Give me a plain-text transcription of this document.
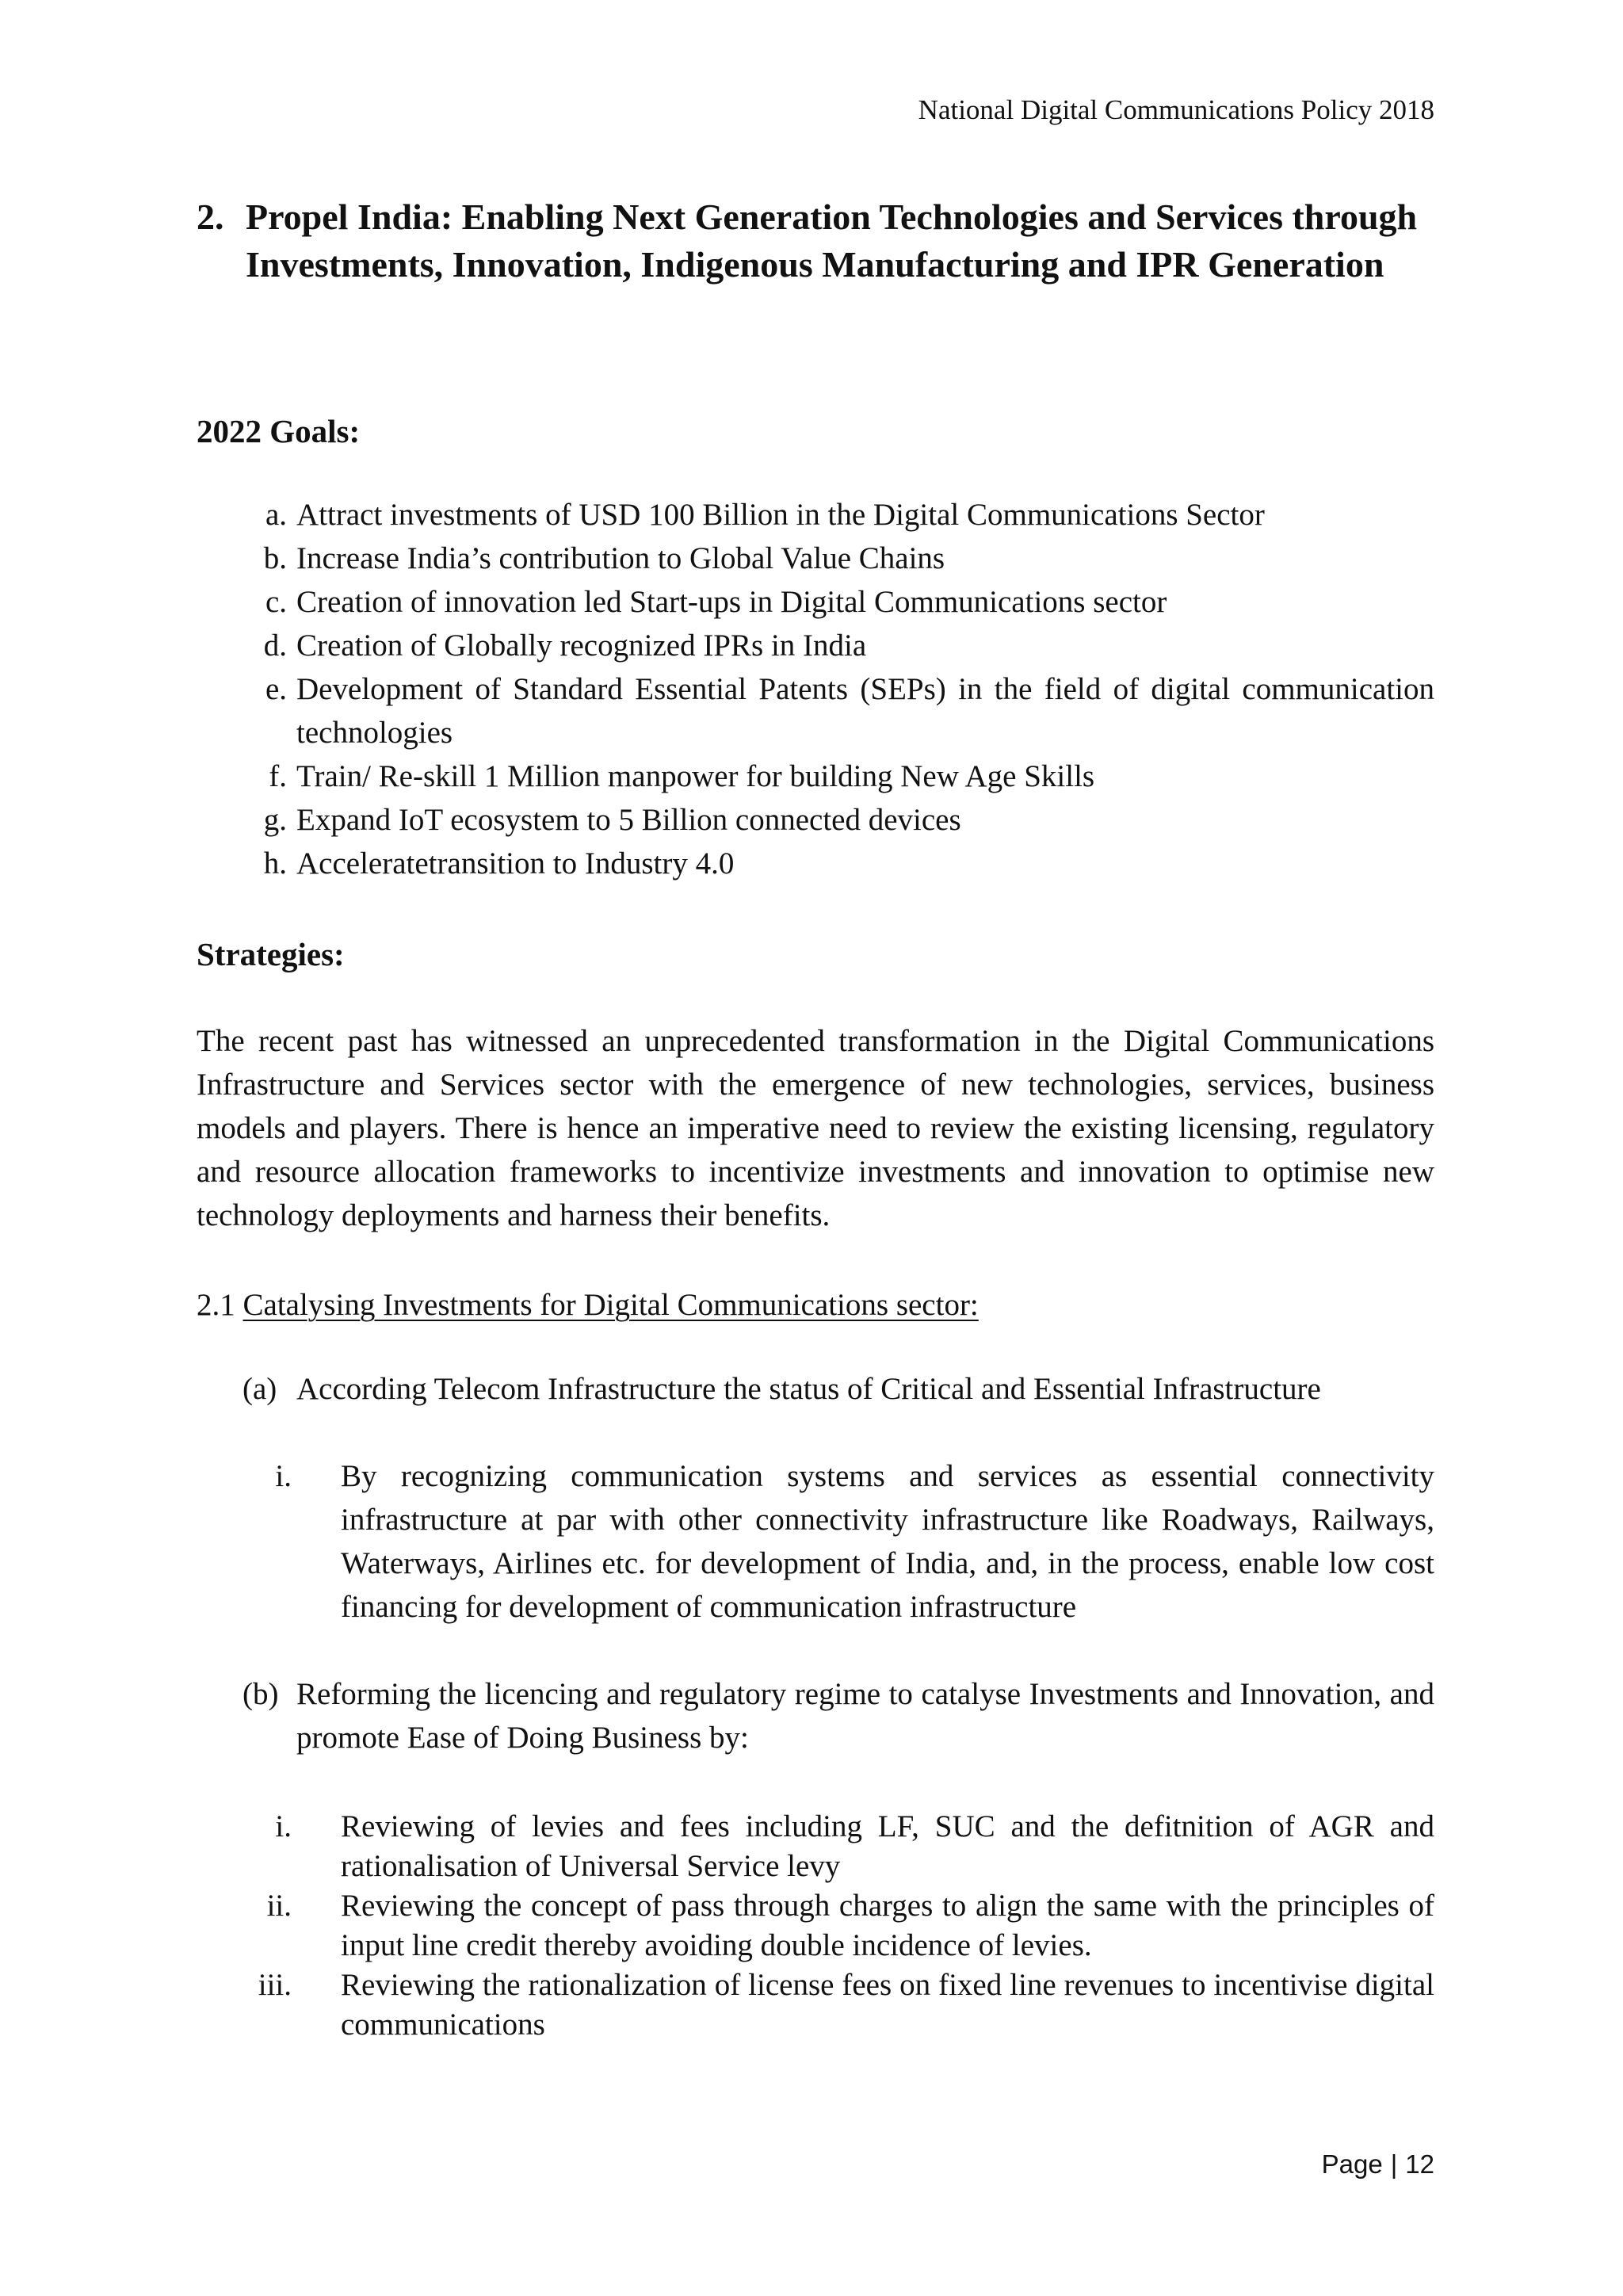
National Digital Communications Policy 2018
2. Propel India: Enabling Next Generation Technologies and Services through Investments, Innovation, Indigenous Manufacturing and IPR Generation
2022 Goals:
a. Attract investments of USD 100 Billion in the Digital Communications Sector
b. Increase India’s contribution to Global Value Chains
c. Creation of innovation led Start-ups in Digital Communications sector
d. Creation of Globally recognized IPRs in India
e. Development of Standard Essential Patents (SEPs) in the field of digital communication technologies
f. Train/ Re-skill 1 Million manpower for building New Age Skills
g. Expand IoT ecosystem to 5 Billion connected devices
h. Acceleratetransition to Industry 4.0
Strategies:
The recent past has witnessed an unprecedented transformation in the Digital Communications Infrastructure and Services sector with the emergence of new technologies, services, business models and players. There is hence an imperative need to review the existing licensing, regulatory and resource allocation frameworks to incentivize investments and innovation to optimise new technology deployments and harness their benefits.
2.1 Catalysing Investments for Digital Communications sector:
(a) According Telecom Infrastructure the status of Critical and Essential Infrastructure
i. By recognizing communication systems and services as essential connectivity infrastructure at par with other connectivity infrastructure like Roadways, Railways, Waterways, Airlines etc. for development of India, and, in the process, enable low cost financing for development of communication infrastructure
(b) Reforming the licencing and regulatory regime to catalyse Investments and Innovation, and promote Ease of Doing Business by:
i. Reviewing of levies and fees including LF, SUC and the defitnition of AGR and rationalisation of Universal Service levy
ii. Reviewing the concept of pass through charges to align the same with the principles of input line credit thereby avoiding double incidence of levies.
iii. Reviewing the rationalization of license fees on fixed line revenues to incentivise digital communications
Page | 12
